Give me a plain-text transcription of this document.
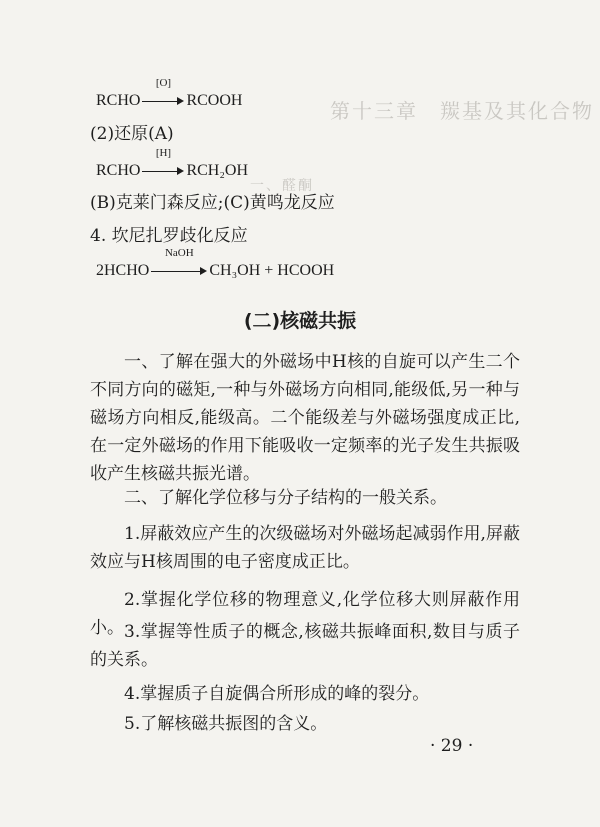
第十三章　羰基及其化合物
一、醛酮
RCHO
[O]
RCOOH
(2)还原(A)
RCHO
[H]
RCH₂OH
(B)克莱门森反应;(C)黄鸣龙反应
4. 坎尼扎罗歧化反应
2HCHO
NaOH
CH₃OH + HCOOH
(二)核磁共振
一、了解在强大的外磁场中H核的自旋可以产生二个不同方向的磁矩,一种与外磁场方向相同,能级低,另一种与磁场方向相反,能级高。二个能级差与外磁场强度成正比,在一定外磁场的作用下能吸收一定频率的光子发生共振吸收产生核磁共振光谱。
二、了解化学位移与分子结构的一般关系。
1.屏蔽效应产生的次级磁场对外磁场起减弱作用,屏蔽效应与H核周围的电子密度成正比。
2.掌握化学位移的物理意义,化学位移大则屏蔽作用小。 3.掌握等性质子的概念,核磁共振峰面积,数目与质子的关系。
4.掌握质子自旋偶合所形成的峰的裂分。
5.了解核磁共振图的含义。
· 29 ·
